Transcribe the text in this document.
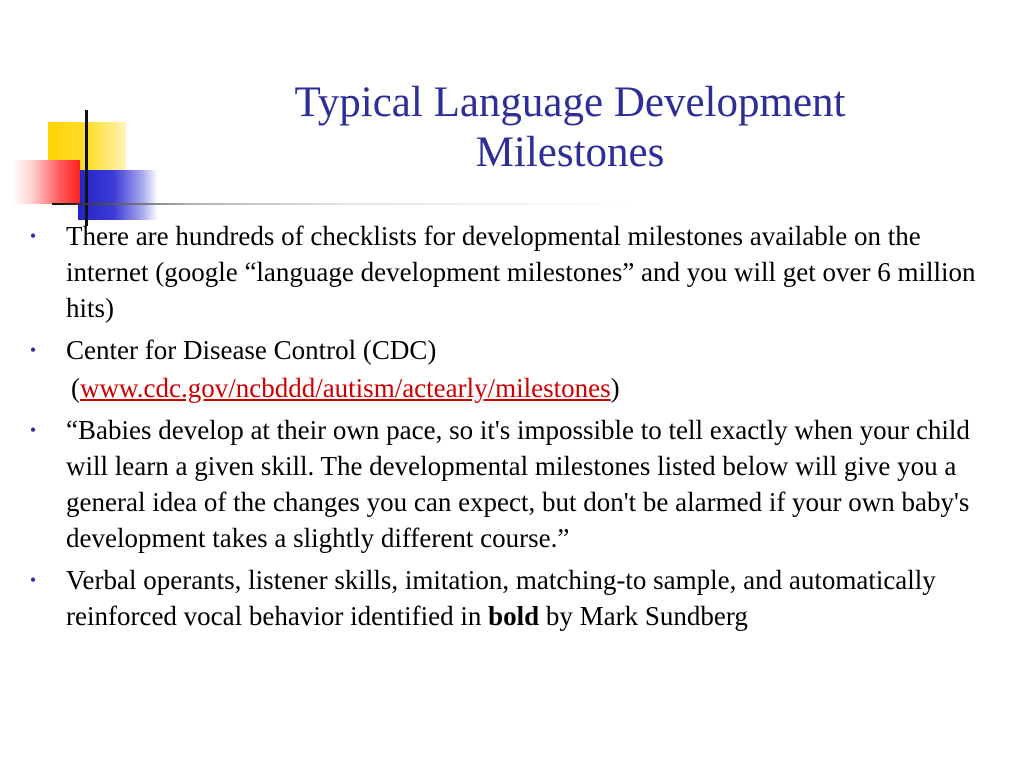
Typical Language Development
Milestones
• There are hundreds of checklists for developmental milestones available on the internet (google “language development milestones” and you will get over 6 million hits)
• Center for Disease Control (CDC)
(www.cdc.gov/ncbddd/autism/actearly/milestones)
• “Babies develop at their own pace, so it's impossible to tell exactly when your child will learn a given skill. The developmental milestones listed below will give you a general idea of the changes you can expect, but don't be alarmed if your own baby's development takes a slightly different course.”
• Verbal operants, listener skills, imitation, matching-to sample, and automatically reinforced vocal behavior identified in bold by Mark Sundberg
